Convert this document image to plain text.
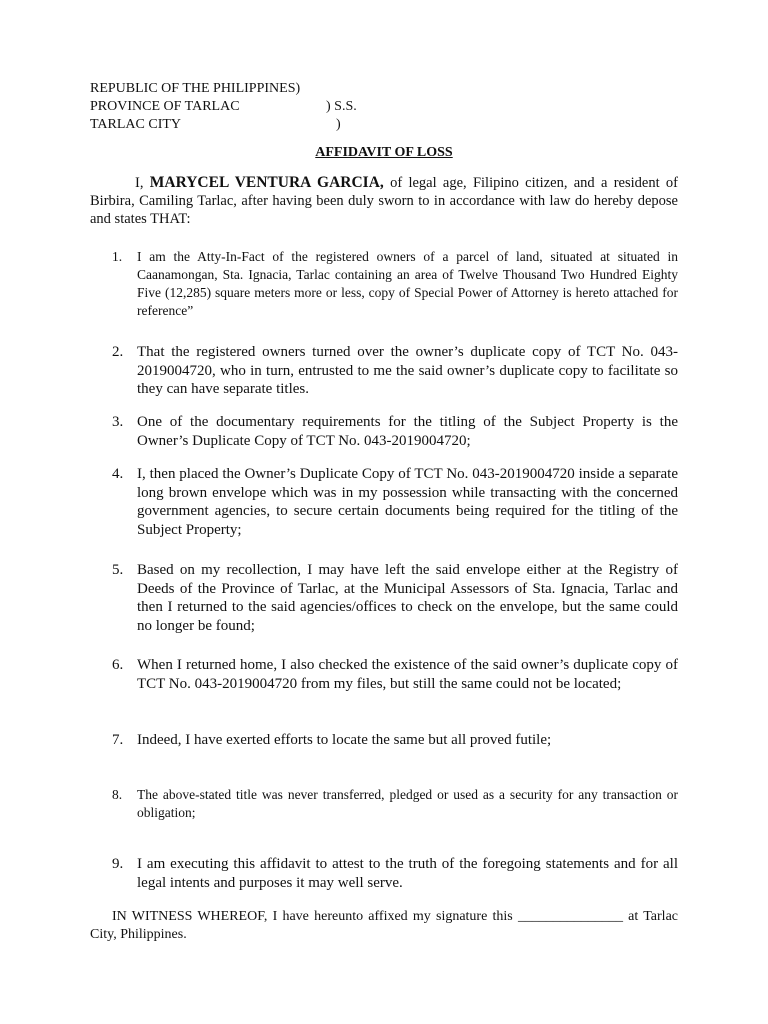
REPUBLIC OF THE PHILIPPINES)
PROVINCE OF TARLAC	) S.S.
TARLAC CITY	)
AFFIDAVIT OF LOSS
I, MARYCEL VENTURA GARCIA, of legal age, Filipino citizen, and a resident of Birbira, Camiling Tarlac, after having been duly sworn to in accordance with law do hereby depose and states THAT:
1. I am the Atty-In-Fact of the registered owners of a parcel of land, situated at situated in Caanamongan, Sta. Ignacia, Tarlac containing an area of Twelve Thousand Two Hundred Eighty Five (12,285) square meters more or less, copy of Special Power of Attorney is hereto attached for reference”
2. That the registered owners turned over the owner’s duplicate copy of TCT No. 043-2019004720, who in turn, entrusted to me the said owner’s duplicate copy to facilitate so they can have separate titles.
3. One of the documentary requirements for the titling of the Subject Property is the Owner’s Duplicate Copy of TCT No. 043-2019004720;
4. I, then placed the Owner’s Duplicate Copy of TCT No. 043-2019004720 inside a separate long brown envelope which was in my possession while transacting with the concerned government agencies, to secure certain documents being required for the titling of the Subject Property;
5. Based on my recollection, I may have left the said envelope either at the Registry of Deeds of the Province of Tarlac, at the Municipal Assessors of Sta. Ignacia, Tarlac and then I returned to the said agencies/offices to check on the envelope, but the same could no longer be found;
6. When I returned home, I also checked the existence of the said owner’s duplicate copy of TCT No. 043-2019004720 from my files, but still the same could not be located;
7. Indeed, I have exerted efforts to locate the same but all proved futile;
8. The above-stated title was never transferred, pledged or used as a security for any transaction or obligation;
9. I am executing this affidavit to attest to the truth of the foregoing statements and for all legal intents and purposes it may well serve.
IN WITNESS WHEREOF, I have hereunto affixed my signature this _______________ at Tarlac City, Philippines.
